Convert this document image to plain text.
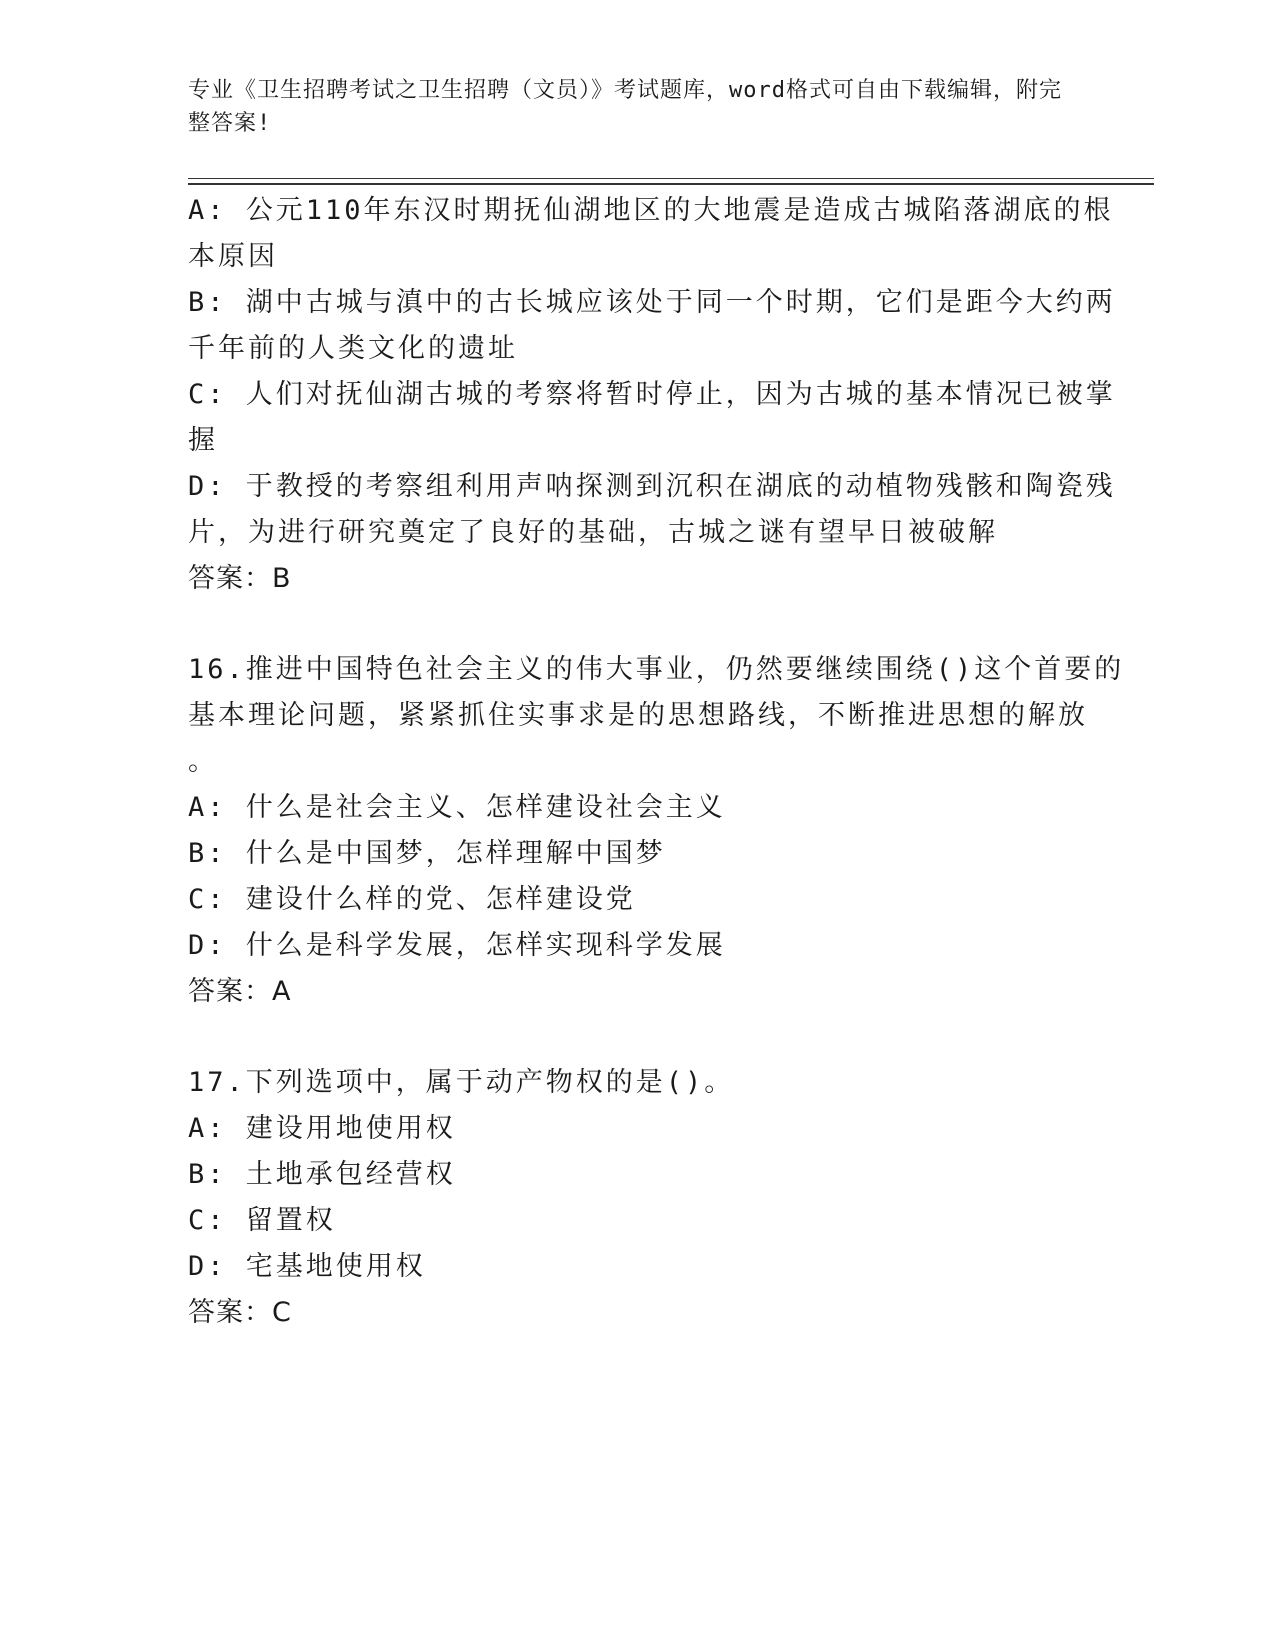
专业《卫生招聘考试之卫生招聘（文员）》考试题库，word格式可自由下载编辑，附完整答案!

A: 公元110年东汉时期抚仙湖地区的大地震是造成古城陷落湖底的根

本原因

B: 湖中古城与滇中的古长城应该处于同一个时期，它们是距今大约两

千年前的人类文化的遗址

C: 人们对抚仙湖古城的考察将暂时停止，因为古城的基本情况已被掌

握

D: 于教授的考察组利用声呐探测到沉积在湖底的动植物残骸和陶瓷残

片，为进行研究奠定了良好的基础，古城之谜有望早日被破解

答案：B

16.推进中国特色社会主义的伟大事业，仍然要继续围绕()这个首要的

基本理论问题，紧紧抓住实事求是的思想路线，不断推进思想的解放

。

A: 什么是社会主义、怎样建设社会主义

B: 什么是中国梦，怎样理解中国梦

C: 建设什么样的党、怎样建设党

D: 什么是科学发展，怎样实现科学发展

答案：A

17.下列选项中，属于动产物权的是()。

A: 建设用地使用权

B: 土地承包经营权

C: 留置权

D: 宅基地使用权

答案：C
